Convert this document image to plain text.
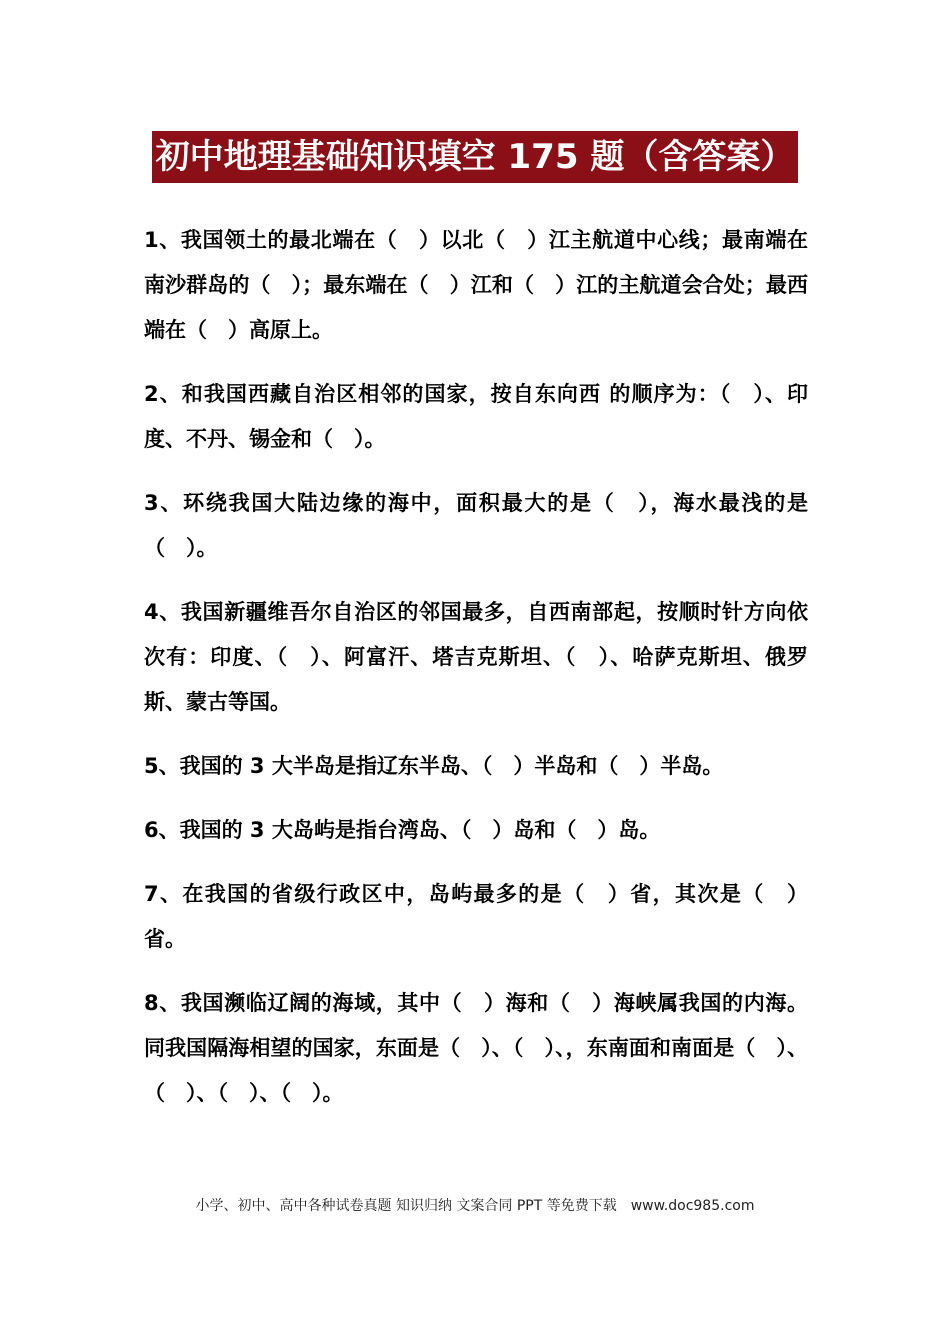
初中地理基础知识填空 175 题（含答案）

1、我国领土的最北端在（　）以北（　）江主航道中心线；最南端在南沙群岛的（　）；最东端在（　）江和（　）江的主航道会合处；最西端在（　）高原上。

2、和我国西藏自治区相邻的国家，按自东向西 的顺序为：（　）、印度、不丹、锡金和（　）。

3、环绕我国大陆边缘的海中，面积最大的是（　），海水最浅的是（　）。

4、我国新疆维吾尔自治区的邻国最多，自西南部起，按顺时针方向依次有：印度、（　）、阿富汗、塔吉克斯坦、（　）、哈萨克斯坦、俄罗斯、蒙古等国。

5、我国的 3 大半岛是指辽东半岛、（　）半岛和（　）半岛。

6、我国的 3 大岛屿是指台湾岛、（　）岛和（　）岛。

7、在我国的省级行政区中，岛屿最多的是（　）省，其次是（　）省。

8、我国濒临辽阔的海域，其中（　）海和（　）海峡属我国的内海。同我国隔海相望的国家，东面是（　）、（　）、，东南面和南面是（　）、（　）、（　）、（　）。

小学、初中、高中各种试卷真题 知识归纳 文案合同 PPT 等免费下载　www.doc985.com
